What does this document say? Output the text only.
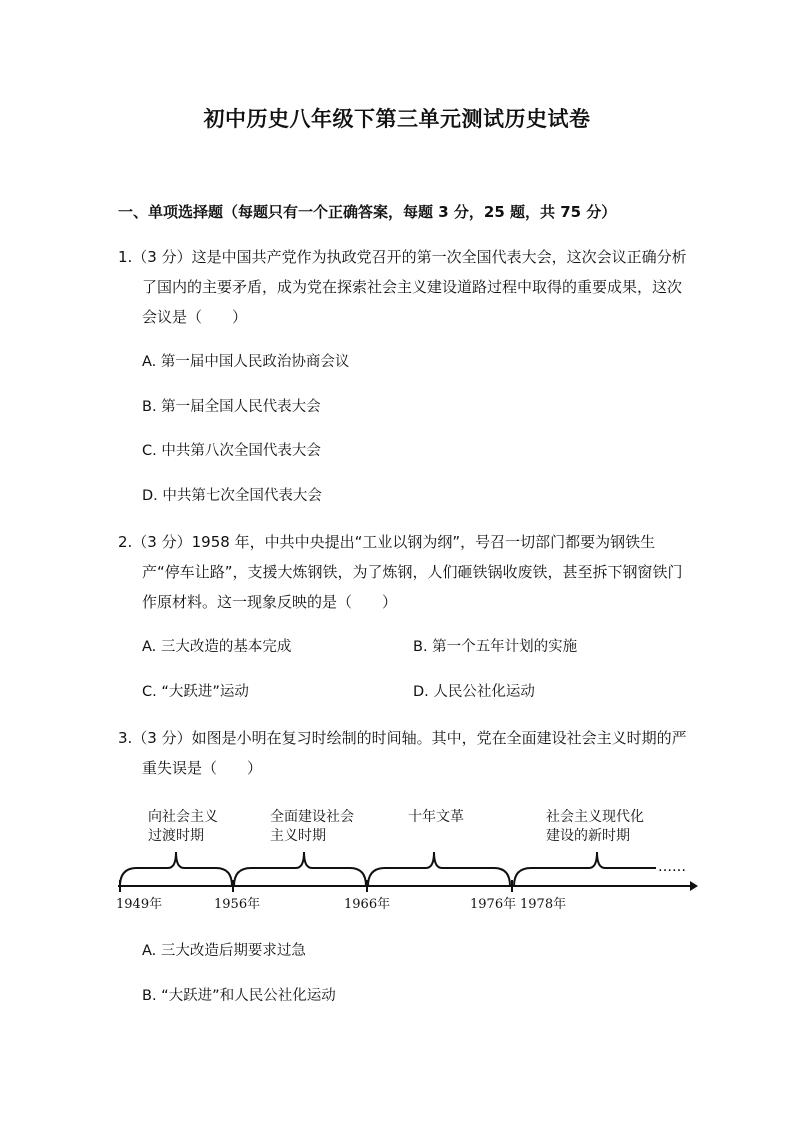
初中历史八年级下第三单元测试历史试卷
一、单项选择题（每题只有一个正确答案，每题 3 分，25 题，共 75 分）
1.（3 分）这是中国共产党作为执政党召开的第一次全国代表大会，这次会议正确分析了国内的主要矛盾，成为党在探索社会主义建设道路过程中取得的重要成果，这次会议是（　　）
A. 第一届中国人民政治协商会议
B. 第一届全国人民代表大会
C. 中共第八次全国代表大会
D. 中共第七次全国代表大会
2.（3 分）1958 年，中共中央提出“工业以钢为纲”，号召一切部门都要为钢铁生产“停车让路”，支援大炼钢铁，为了炼钢，人们砸铁锅收废铁，甚至拆下钢窗铁门作原材料。这一现象反映的是（　　）
A. 三大改造的基本完成	B. 第一个五年计划的实施
C. “大跃进”运动	D. 人民公社化运动
3.（3 分）如图是小明在复习时绘制的时间轴。其中，党在全面建设社会主义时期的严重失误是（　　）
……
向社会主义
过渡时期
全面建设社会
主义时期
十年文革	社会主义现代化
建设的新时期
1949年	1956年	1966年	1976年 1978年
A. 三大改造后期要求过急
B. “大跃进”和人民公社化运动
